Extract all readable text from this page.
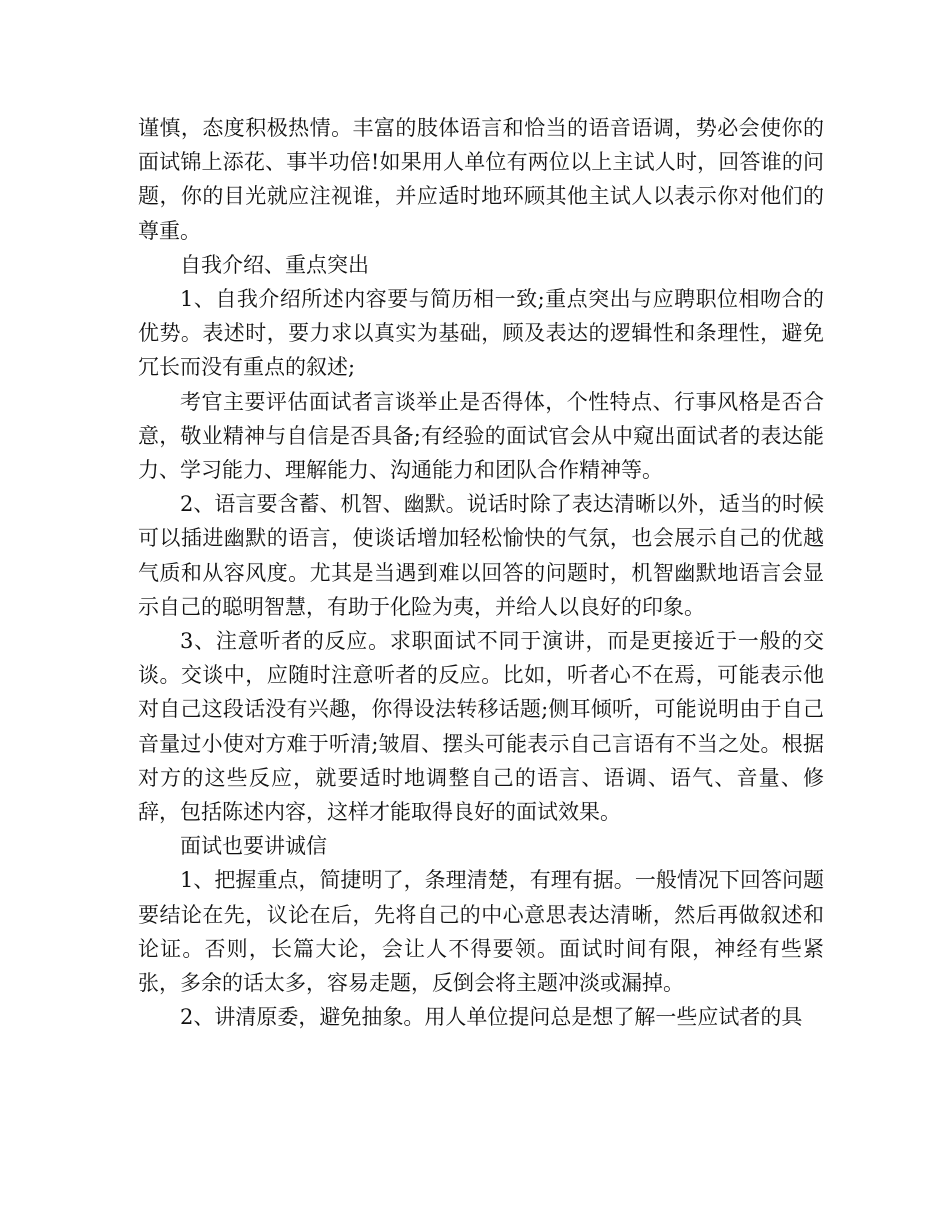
谨慎，态度积极热情。丰富的肢体语言和恰当的语音语调，势必会使你的面试锦上添花、事半功倍!如果用人单位有两位以上主试人时，回答谁的问题，你的目光就应注视谁，并应适时地环顾其他主试人以表示你对他们的尊重。

自我介绍、重点突出

1、自我介绍所述内容要与简历相一致;重点突出与应聘职位相吻合的优势。表述时，要力求以真实为基础，顾及表达的逻辑性和条理性，避免冗长而没有重点的叙述;

考官主要评估面试者言谈举止是否得体，个性特点、行事风格是否合意，敬业精神与自信是否具备;有经验的面试官会从中窥出面试者的表达能力、学习能力、理解能力、沟通能力和团队合作精神等。

2、语言要含蓄、机智、幽默。说话时除了表达清晰以外，适当的时候可以插进幽默的语言，使谈话增加轻松愉快的气氛，也会展示自己的优越气质和从容风度。尤其是当遇到难以回答的问题时，机智幽默地语言会显示自己的聪明智慧，有助于化险为夷，并给人以良好的印象。

3、注意听者的反应。求职面试不同于演讲，而是更接近于一般的交谈。交谈中，应随时注意听者的反应。比如，听者心不在焉，可能表示他对自己这段话没有兴趣，你得设法转移话题;侧耳倾听，可能说明由于自己音量过小使对方难于听清;皱眉、摆头可能表示自己言语有不当之处。根据对方的这些反应，就要适时地调整自己的语言、语调、语气、音量、修辞，包括陈述内容，这样才能取得良好的面试效果。

面试也要讲诚信

1、把握重点，简捷明了，条理清楚，有理有据。一般情况下回答问题要结论在先，议论在后，先将自己的中心意思表达清晰，然后再做叙述和论证。否则，长篇大论，会让人不得要领。面试时间有限，神经有些紧张，多余的话太多，容易走题，反倒会将主题冲淡或漏掉。

2、讲清原委，避免抽象。用人单位提问总是想了解一些应试者的具
